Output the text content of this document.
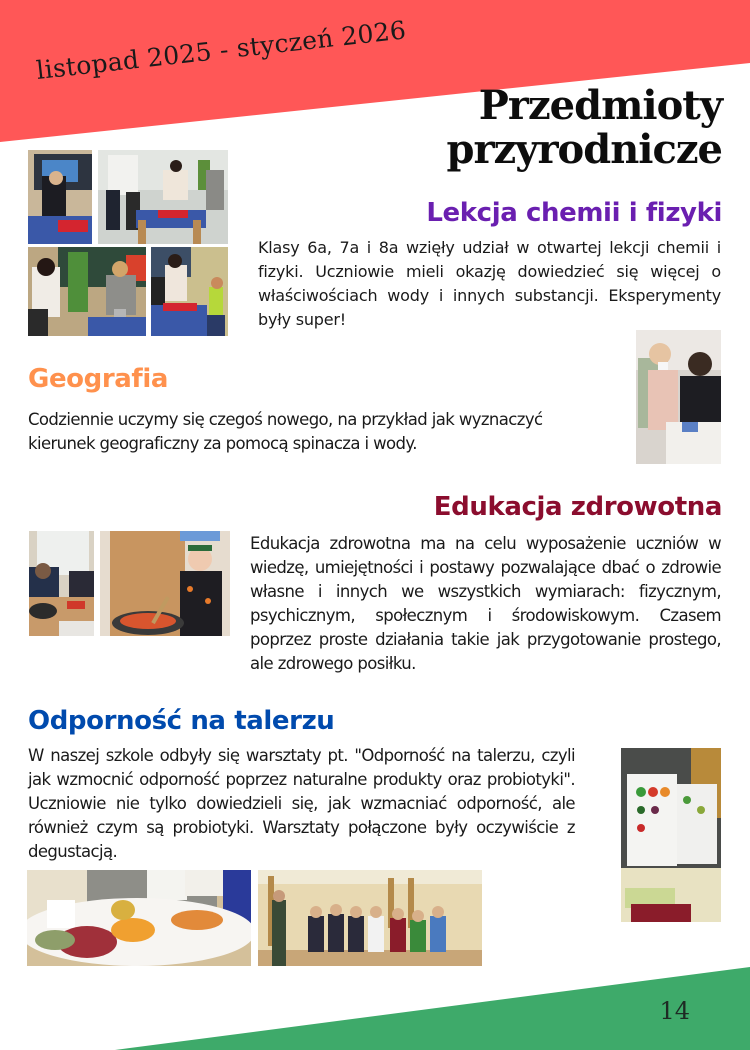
listopad 2025 - styczeń 2026
Przedmioty
przyrodnicze
Lekcja chemii i fizyki
Klasy 6a, 7a i 8a wzięły udział w otwartej lekcji chemii i fizyki. Uczniowie mieli okazję dowiedzieć się więcej o właściwościach wody i innych substancji. Eksperymenty były super!
Geografia
Codziennie uczymy się czegoś nowego, na przykład jak wyznaczyć kierunek geograficzny za pomocą spinacza i wody.
Edukacja zdrowotna
Edukacja zdrowotna ma na celu wyposażenie uczniów w wiedzę, umiejętności i postawy pozwalające dbać o zdrowie własne i innych we wszystkich wymiarach: fizycznym, psychicznym, społecznym i środowiskowym. Czasem poprzez proste działania takie jak przygotowanie prostego, ale zdrowego posiłku.
Odporność na talerzu
W naszej szkole odbyły się warsztaty pt. "Odporność na talerzu, czyli jak wzmocnić odporność poprzez naturalne produkty oraz probiotyki". Uczniowie nie tylko dowiedzieli się, jak wzmacniać odporność, ale również czym są probiotyki. Warsztaty połączone były oczywiście z degustacją.
14
